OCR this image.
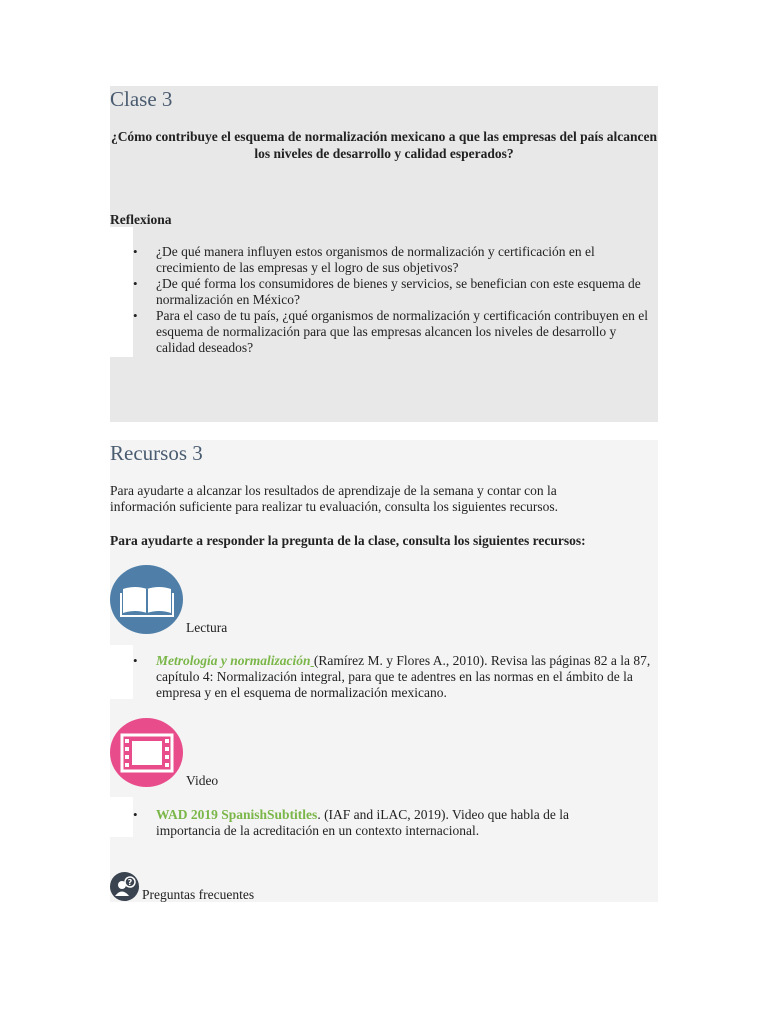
Clase 3

¿Cómo contribuye el esquema de normalización mexicano a que las empresas del país alcancen los niveles de desarrollo y calidad esperados?

Reflexiona

• ¿De qué manera influyen estos organismos de normalización y certificación en el crecimiento de las empresas y el logro de sus objetivos?
• ¿De qué forma los consumidores de bienes y servicios, se benefician con este esquema de normalización en México?
• Para el caso de tu país, ¿qué organismos de normalización y certificación contribuyen en el esquema de normalización para que las empresas alcancen los niveles de desarrollo y calidad deseados?
Recursos 3

Para ayudarte a alcanzar los resultados de aprendizaje de la semana y contar con la información suficiente para realizar tu evaluación, consulta los siguientes recursos.

Para ayudarte a responder la pregunta de la clase, consulta los siguientes recursos:

Lectura
• Metrología y normalización (Ramírez M. y Flores A., 2010). Revisa las páginas 82 a la 87, capítulo 4: Normalización integral, para que te adentres en las normas en el ámbito de la empresa y en el esquema de normalización mexicano.
Video
• WAD 2019 SpanishSubtitles. (IAF and iLAC, 2019). Video que habla de la importancia de la acreditación en un contexto internacional.
?
Preguntas frecuentes
